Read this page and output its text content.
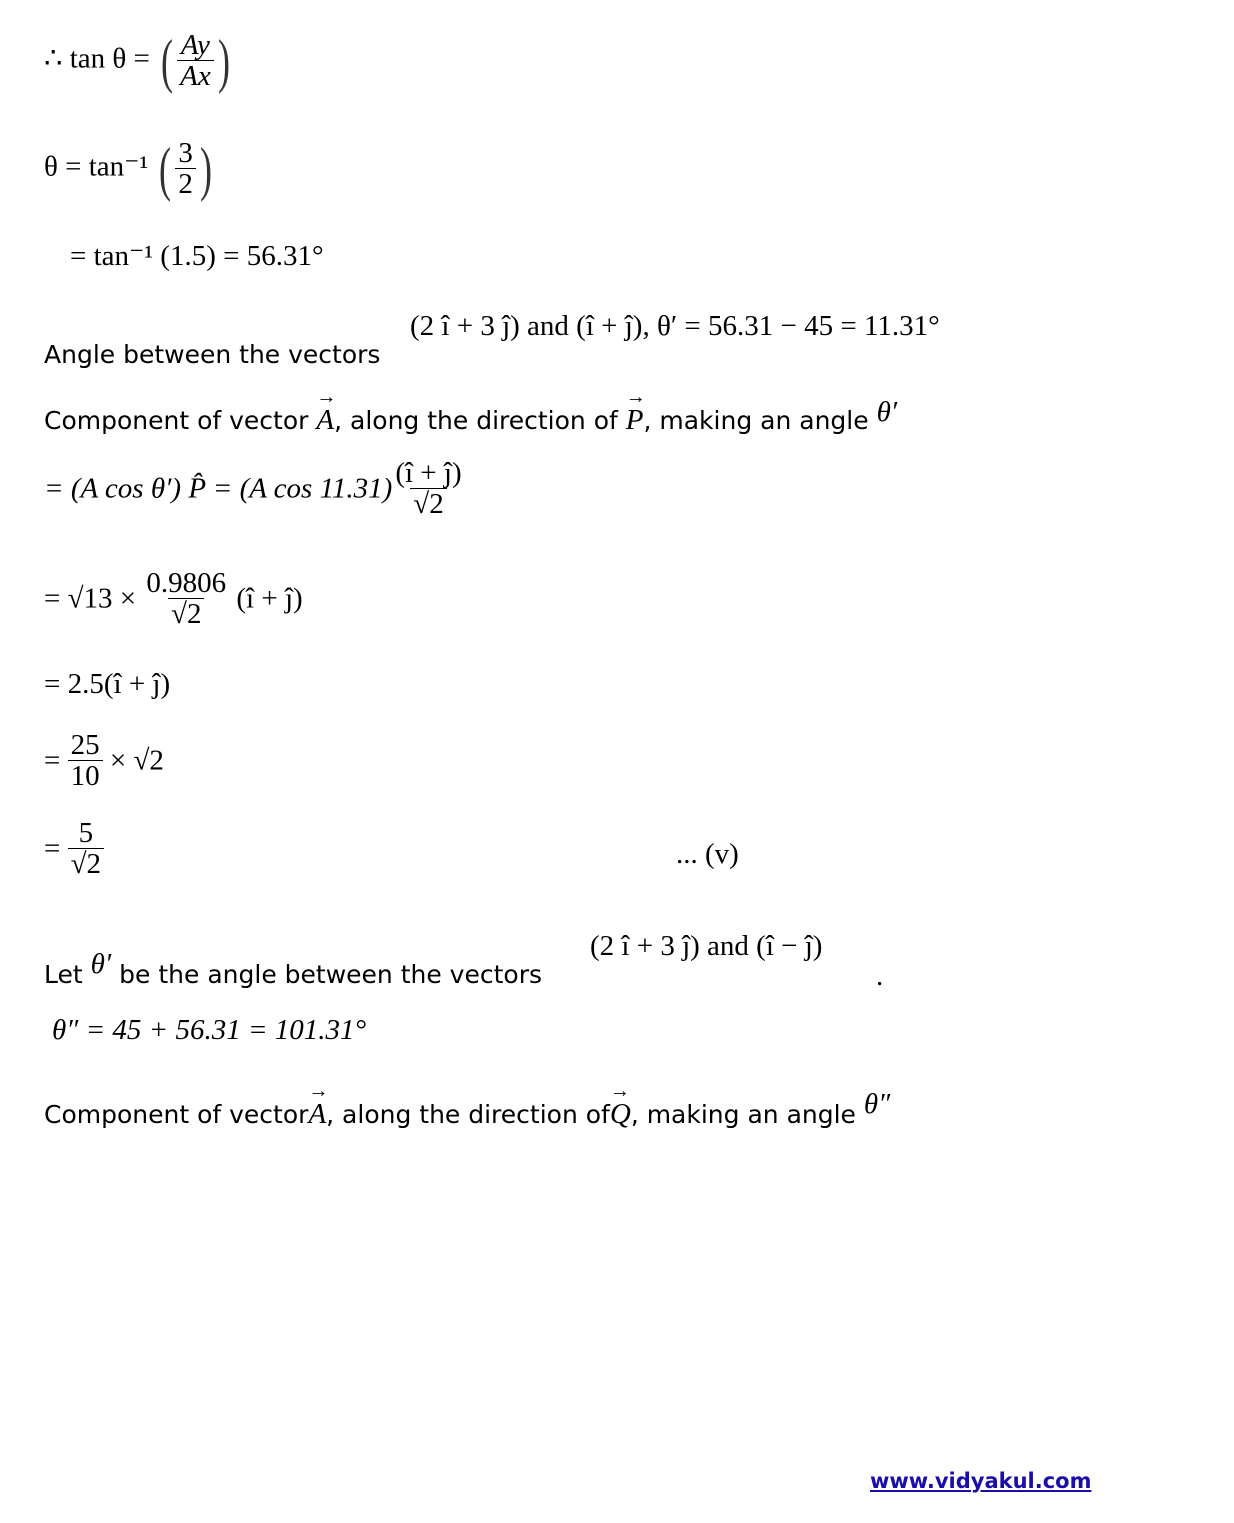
∴ tan θ = ( $\frac{Ay}{Ax}$ )
θ = tan⁻¹ ( $\frac{3}{2}$ )
= tan⁻¹ (1.5) = 56.31°
Angle between the vectors
(2 î + 3 ĵ) and (î + ĵ), θ′ = 56.31 − 45 = 11.31°
Component of vector → A, along the direction of → P, making an angle θ′
= (A cos θ′) P̂ = (A $\cos 11.31) \frac{(î + ĵ)}{√2}$
= $√13 \times \frac{0.9806}{√2}$ (î + ĵ)
= 2.5(î + ĵ)
= $\frac{25}{10} \times √2$
= $\frac{5}{√2}$	... (v)
Let θ′ be the angle between the vectors
(2 î + 3 ĵ) and (î − ĵ)
.
θ″ = 45 + 56.31 = 101.31°
Component of vector→ A, along the direction of→ Q, making an angle θ″
www.vidyakul.com
